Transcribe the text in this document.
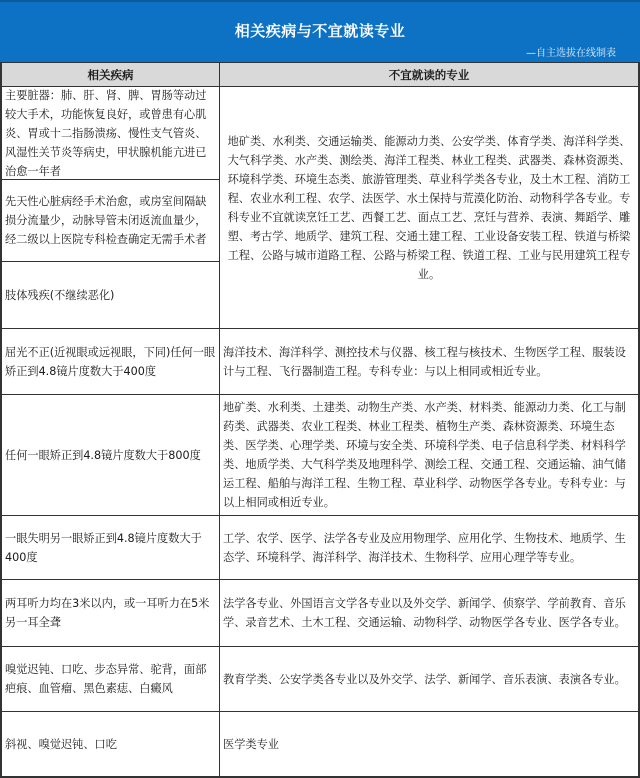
相关疾病与不宜就读专业
—自主选拔在线制表
相关疾病	不宜就读的专业
主要脏器：肺、肝、肾、脾、胃肠等动过较大手术，功能恢复良好，或曾患有心肌炎、胃或十二指肠溃疡、慢性支气管炎、风湿性关节炎等病史，甲状腺机能亢进已治愈一年者
先天性心脏病经手术治愈，或房室间隔缺损分流量少，动脉导管未闭返流血量少，经二级以上医院专科检查确定无需手术者
肢体残疾(不继续恶化)
地矿类、水利类、交通运输类、能源动力类、公安学类、体育学类、海洋科学类、大气科学类、水产类、测绘类、海洋工程类、林业工程类、武器类、森林资源类、环境科学类、环境生态类、旅游管理类、草业科学类各专业，及土木工程、消防工程、农业水利工程、农学、法医学、水土保持与荒漠化防治、动物科学各专业。专科专业不宜就读烹饪工艺、西餐工艺、面点工艺、烹饪与营养、表演、舞蹈学、雕塑、考古学、地质学、建筑工程、交通土建工程、工业设备安装工程、铁道与桥梁工程、公路与城市道路工程、公路与桥梁工程、铁道工程、工业与民用建筑工程专业。
屈光不正(近视眼或远视眼，下同)任何一眼矫正到4.8镜片度数大于400度
海洋技术、海洋科学、测控技术与仪器、核工程与核技术、生物医学工程、服装设计与工程、飞行器制造工程。专科专业：与以上相同或相近专业。
任何一眼矫正到4.8镜片度数大于800度
地矿类、水利类、土建类、动物生产类、水产类、材料类、能源动力类、化工与制药类、武器类、农业工程类、林业工程类、植物生产类、森林资源类、环境生态类、医学类、心理学类、环境与安全类、环境科学类、电子信息科学类、材料科学类、地质学类、大气科学类及地理科学、测绘工程、交通工程、交通运输、油气储运工程、船舶与海洋工程、生物工程、草业科学、动物医学各专业。专科专业：与以上相同或相近专业。
一眼失明另一眼矫正到4.8镜片度数大于400度
工学、农学、医学、法学各专业及应用物理学、应用化学、生物技术、地质学、生态学、环境科学、海洋科学、海洋技术、生物科学、应用心理学等专业。
两耳听力均在3米以内，或一耳听力在5米另一耳全聋
法学各专业、外国语言文学各专业以及外交学、新闻学、侦察学、学前教育、音乐学、录音艺术、土木工程、交通运输、动物科学、动物医学各专业、医学各专业。
嗅觉迟钝、口吃、步态异常、驼背，面部疤痕、血管瘤、黑色素痣、白癜风
教育学类、公安学类各专业以及外交学、法学、新闻学、音乐表演、表演各专业。
斜视、嗅觉迟钝、口吃	医学类专业
